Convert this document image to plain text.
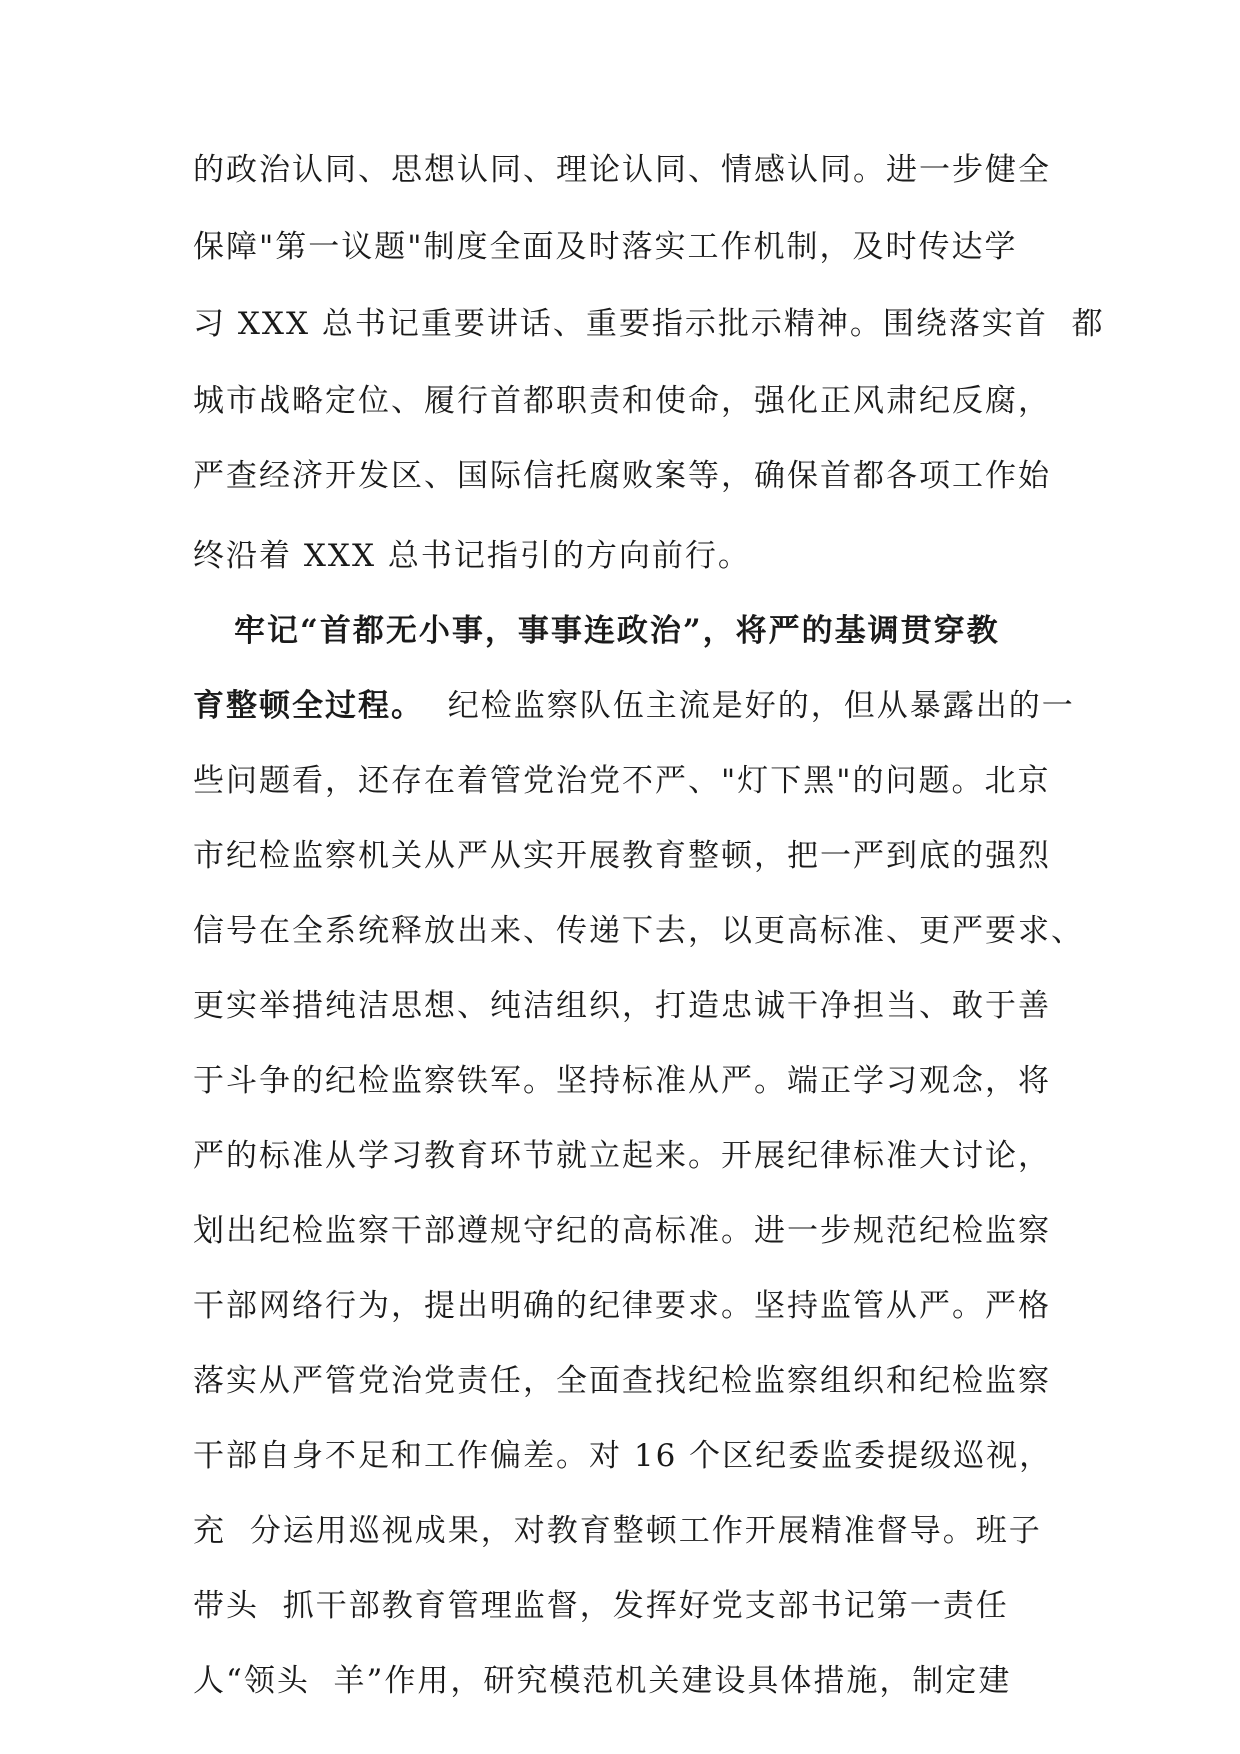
的政治认同、思想认同、理论认同、情感认同。进一步健全
保障"第一议题"制度全面及时落实工作机制，及时传达学
习 XXX 总书记重要讲话、重要指示批示精神。围绕落实首  都
城市战略定位、履行首都职责和使命，强化正风肃纪反腐，
严查经济开发区、国际信托腐败案等，确保首都各项工作始
终沿着 XXX 总书记指引的方向前行。
牢记“首都无小事，事事连政治”，将严的基调贯穿教
育整顿全过程。  纪检监察队伍主流是好的，但从暴露出的一
些问题看，还存在着管党治党不严、"灯下黑"的问题。北京
市纪检监察机关从严从实开展教育整顿，把一严到底的强烈
信号在全系统释放出来、传递下去，以更高标准、更严要求、
更实举措纯洁思想、纯洁组织，打造忠诚干净担当、敢于善
于斗争的纪检监察铁军。坚持标准从严。端正学习观念，将
严的标准从学习教育环节就立起来。开展纪律标准大讨论，
划出纪检监察干部遵规守纪的高标准。进一步规范纪检监察
干部网络行为，提出明确的纪律要求。坚持监管从严。严格
落实从严管党治党责任，全面查找纪检监察组织和纪检监察
干部自身不足和工作偏差。对 16 个区纪委监委提级巡视，
充  分运用巡视成果，对教育整顿工作开展精准督导。班子
带头  抓干部教育管理监督，发挥好党支部书记第一责任
人“领头  羊”作用，研究模范机关建设具体措施，制定建
